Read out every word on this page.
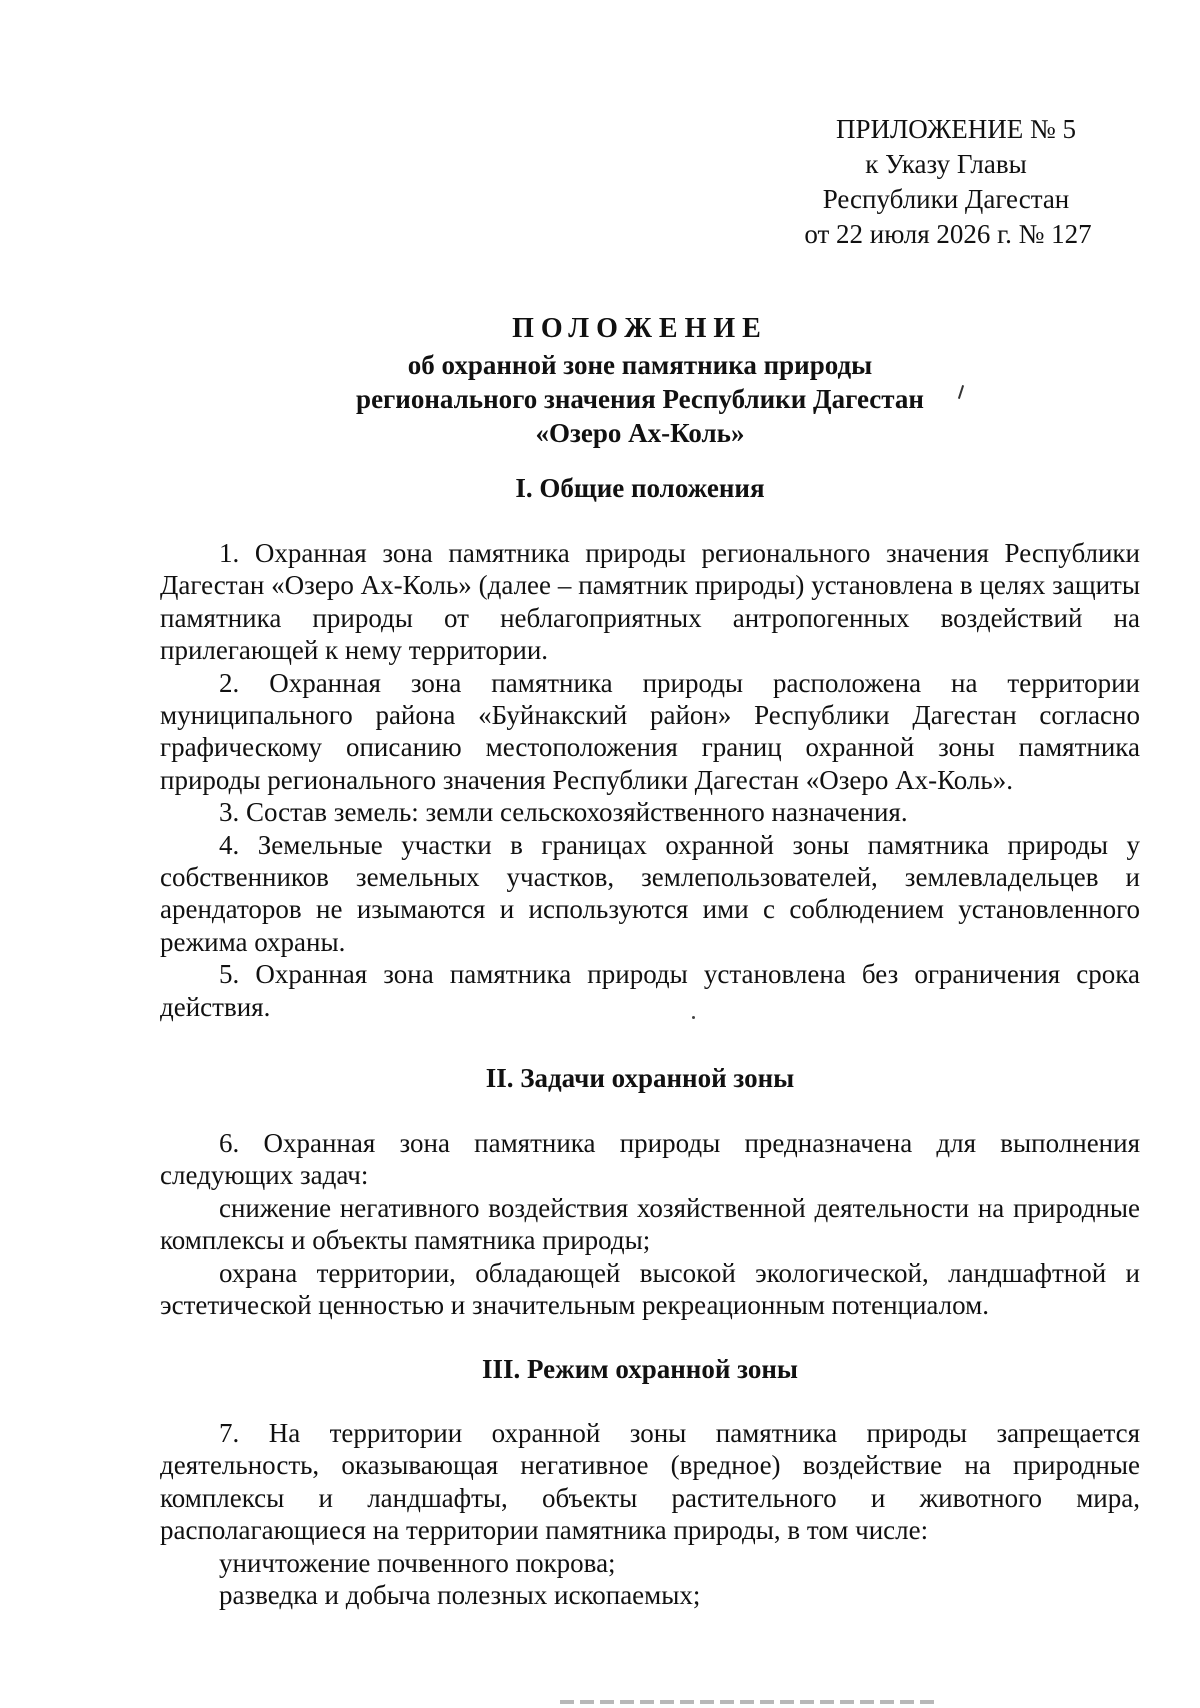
ПРИЛОЖЕНИЕ № 5
к Указу Главы
Республики Дагестан
от 22 июля 2026 г. № 127
ПОЛОЖЕНИЕ
об охранной зоне памятника природы
регионального значения Республики Дагестан
«Озеро Ах-Коль»
I. Общие положения

1. Охранная зона памятника природы регионального значения Республики Дагестан «Озеро Ах-Коль» (далее – памятник природы) установлена в целях защиты памятника природы от неблагоприятных антропогенных воздействий на прилегающей к нему территории.

2. Охранная зона памятника природы расположена на территории муниципального района «Буйнакский район» Республики Дагестан согласно графическому описанию местоположения границ охранной зоны памятника природы регионального значения Республики Дагестан «Озеро Ах-Коль».

3. Состав земель: земли сельскохозяйственного назначения.

4. Земельные участки в границах охранной зоны памятника природы у собственников земельных участков, землепользователей, землевладельцев и арендаторов не изымаются и используются ими с соблюдением установленного режима охраны.

5. Охранная зона памятника природы установлена без ограничения срока действия.

II. Задачи охранной зоны

6. Охранная зона памятника природы предназначена для выполнения следующих задач:

снижение негативного воздействия хозяйственной деятельности на природные комплексы и объекты памятника природы;

охрана территории, обладающей высокой экологической, ландшафтной и эстетической ценностью и значительным рекреационным потенциалом.

III. Режим охранной зоны

7. На территории охранной зоны памятника природы запрещается деятельность, оказывающая негативное (вредное) воздействие на природные комплексы и ландшафты, объекты растительного и животного мира, располагающиеся на территории памятника природы, в том числе:

уничтожение почвенного покрова;

разведка и добыча полезных ископаемых;
